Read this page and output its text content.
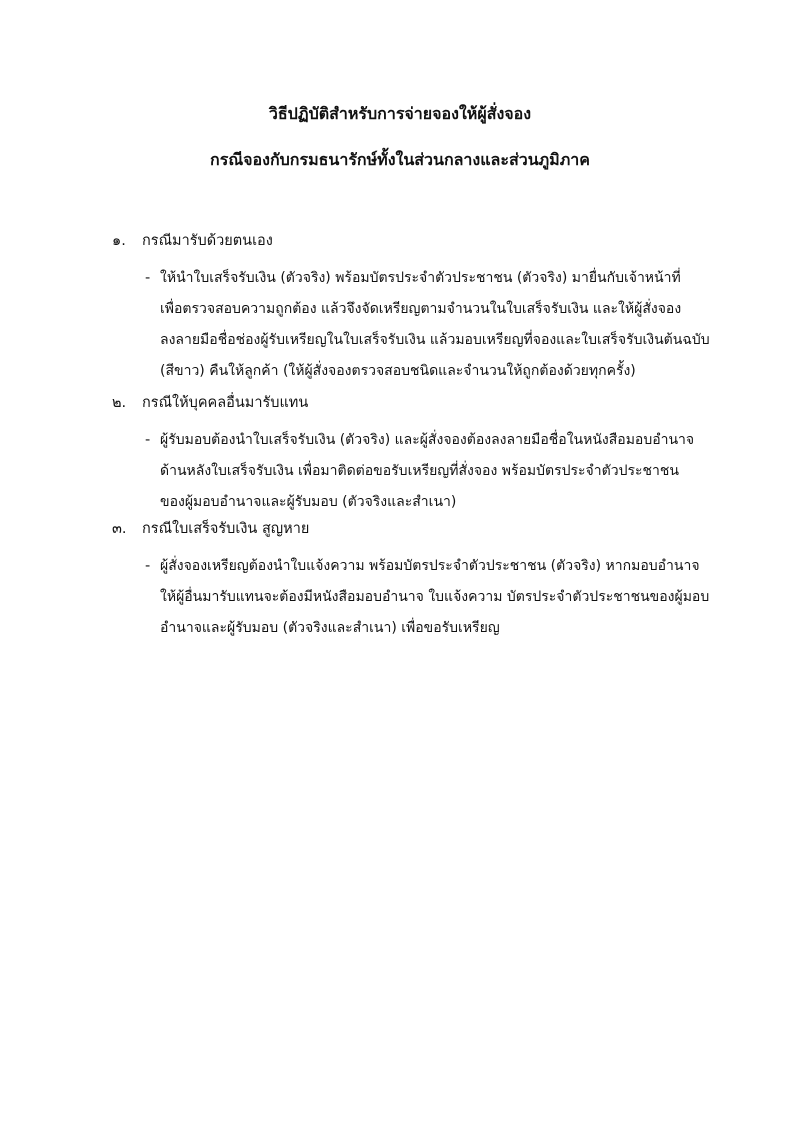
วิธีปฏิบัติสำหรับการจ่ายจองให้ผู้สั่งจอง
กรณีจองกับกรมธนารักษ์ทั้งในส่วนกลางและส่วนภูมิภาค
๑.	กรณีมารับด้วยตนเอง
- ให้นำใบเสร็จรับเงิน (ตัวจริง) พร้อมบัตรประจำตัวประชาชน (ตัวจริง) มายื่นกับเจ้าหน้าที่
เพื่อตรวจสอบความถูกต้อง แล้วจึงจัดเหรียญตามจำนวนในใบเสร็จรับเงิน และให้ผู้สั่งจอง
ลงลายมือชื่อช่องผู้รับเหรียญในใบเสร็จรับเงิน แล้วมอบเหรียญที่จองและใบเสร็จรับเงินต้นฉบับ
(สีขาว) คืนให้ลูกค้า (ให้ผู้สั่งจองตรวจสอบชนิดและจำนวนให้ถูกต้องด้วยทุกครั้ง)
๒.	กรณีให้บุคคลอื่นมารับแทน
- ผู้รับมอบต้องนำใบเสร็จรับเงิน (ตัวจริง) และผู้สั่งจองต้องลงลายมือชื่อในหนังสือมอบอำนาจ
ด้านหลังใบเสร็จรับเงิน เพื่อมาติดต่อขอรับเหรียญที่สั่งจอง พร้อมบัตรประจำตัวประชาชน
ของผู้มอบอำนาจและผู้รับมอบ (ตัวจริงและสำเนา)
๓.	กรณีใบเสร็จรับเงิน สูญหาย
- ผู้สั่งจองเหรียญต้องนำใบแจ้งความ พร้อมบัตรประจำตัวประชาชน (ตัวจริง) หากมอบอำนาจ
ให้ผู้อื่นมารับแทนจะต้องมีหนังสือมอบอำนาจ ใบแจ้งความ บัตรประจำตัวประชาชนของผู้มอบ
อำนาจและผู้รับมอบ (ตัวจริงและสำเนา) เพื่อขอรับเหรียญ
